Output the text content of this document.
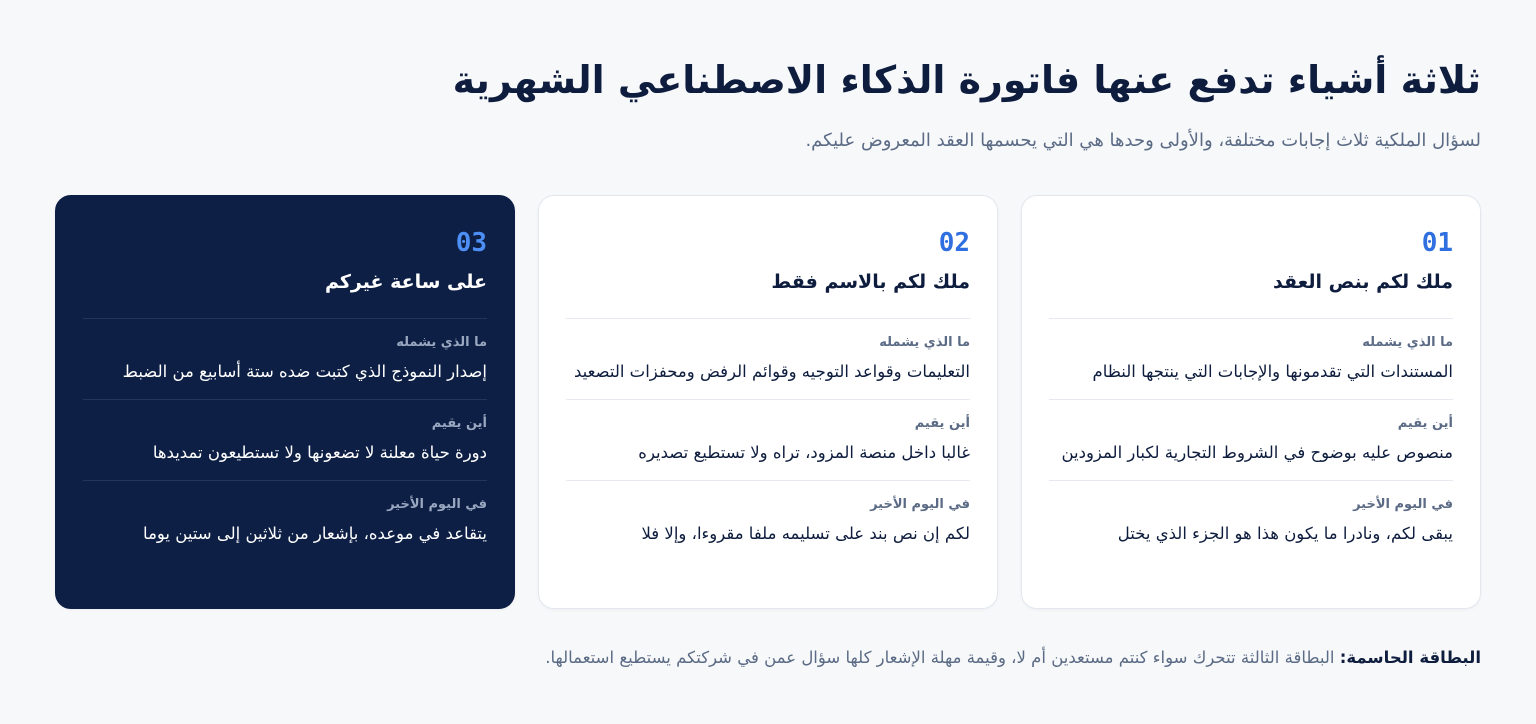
ثلاثة أشياء تدفع عنها فاتورة الذكاء الاصطناعي الشهرية

لسؤال الملكية ثلاث إجابات مختلفة، والأولى وحدها هي التي يحسمها العقد المعروض عليكم.

01
ملك لكم بنص العقد
ما الذي يشمله
المستندات التي تقدمونها والإجابات التي ينتجها النظام
أين يقيم
منصوص عليه بوضوح في الشروط التجارية لكبار المزودين
في اليوم الأخير
يبقى لكم، ونادرا ما يكون هذا هو الجزء الذي يختل
02
ملك لكم بالاسم فقط
ما الذي يشمله
التعليمات وقواعد التوجيه وقوائم الرفض ومحفزات التصعيد
أين يقيم
غالبا داخل منصة المزود، تراه ولا تستطيع تصديره
في اليوم الأخير
لكم إن نص بند على تسليمه ملفا مقروءا، وإلا فلا
03
على ساعة غيركم
ما الذي يشمله
إصدار النموذج الذي كتبت ضده ستة أسابيع من الضبط
أين يقيم
دورة حياة معلنة لا تضعونها ولا تستطيعون تمديدها
في اليوم الأخير
يتقاعد في موعده، بإشعار من ثلاثين إلى ستين يوما

البطاقة الحاسمة: البطاقة الثالثة تتحرك سواء كنتم مستعدين أم لا، وقيمة مهلة الإشعار كلها سؤال عمن في شركتكم يستطيع استعمالها.
